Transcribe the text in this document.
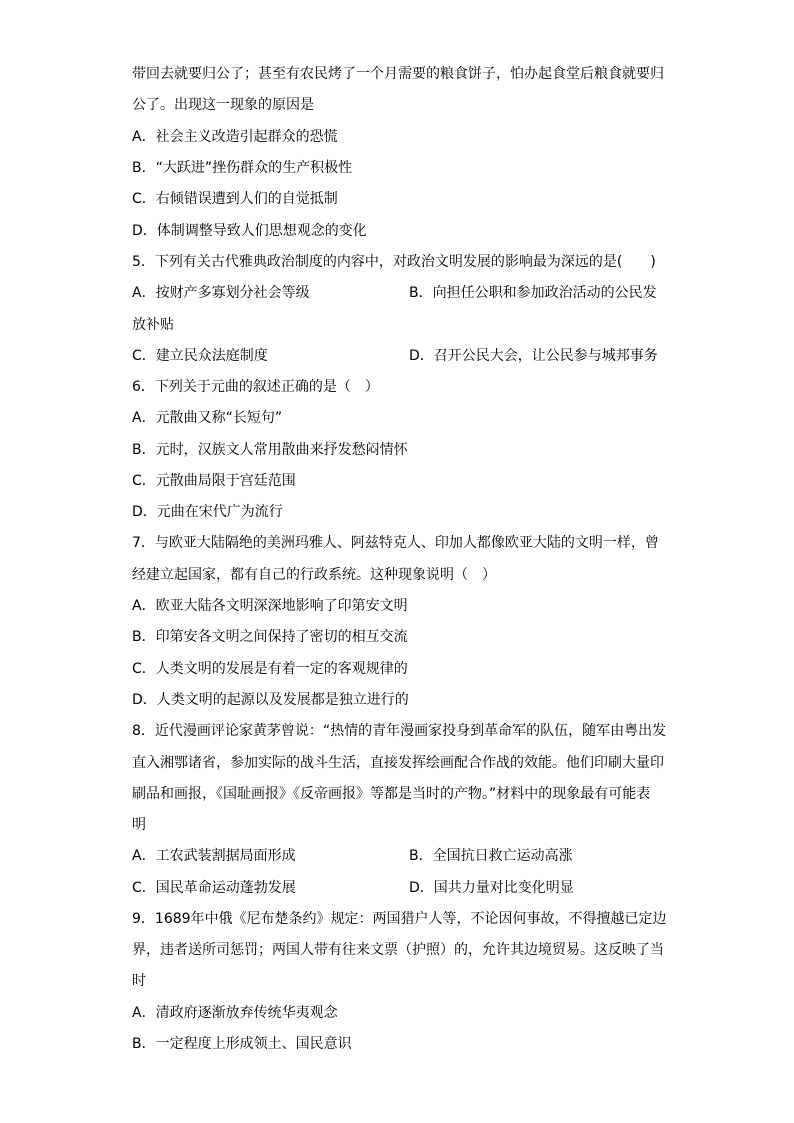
带回去就要归公了；甚至有农民烤了一个月需要的粮食饼子，怕办起食堂后粮食就要归
公了。出现这一现象的原因是
A．社会主义改造引起群众的恐慌
B．“大跃进”挫伤群众的生产积极性
C．右倾错误遭到人们的自觉抵制
D．体制调整导致人们思想观念的变化
5．下列有关古代雅典政治制度的内容中，对政治文明发展的影响最为深远的是(　　)
A．按财产多寡划分社会等级	B．向担任公职和参加政治活动的公民发
放补贴
C．建立民众法庭制度	D．召开公民大会，让公民参与城邦事务
6．下列关于元曲的叙述正确的是（　）
A．元散曲又称“长短句”
B．元时，汉族文人常用散曲来抒发愁闷情怀
C．元散曲局限于宫廷范围
D．元曲在宋代广为流行
7．与欧亚大陆隔绝的美洲玛雅人、阿兹特克人、印加人都像欧亚大陆的文明一样，曾
经建立起国家，都有自己的行政系统。这种现象说明（　）
A．欧亚大陆各文明深深地影响了印第安文明
B．印第安各文明之间保持了密切的相互交流
C．人类文明的发展是有着一定的客观规律的
D．人类文明的起源以及发展都是独立进行的
8．近代漫画评论家黄茅曾说：“热情的青年漫画家投身到革命军的队伍，随军由粤出发
直入湘鄂诸省，参加实际的战斗生活，直接发挥绘画配合作战的效能。他们印刷大量印
刷品和画报，《国耻画报》《反帝画报》等都是当时的产物。”材料中的现象最有可能表
明
A．工农武装割据局面形成	B．全国抗日救亡运动高涨
C．国民革命运动蓬勃发展	D．国共力量对比变化明显
9．1689年中俄《尼布楚条约》规定：两国猎户人等，不论因何事故，不得擅越已定边
界，违者送所司惩罚；两国人带有往来文票（护照）的，允许其边境贸易。这反映了当
时
A．清政府逐渐放弃传统华夷观念
B．一定程度上形成领土、国民意识
